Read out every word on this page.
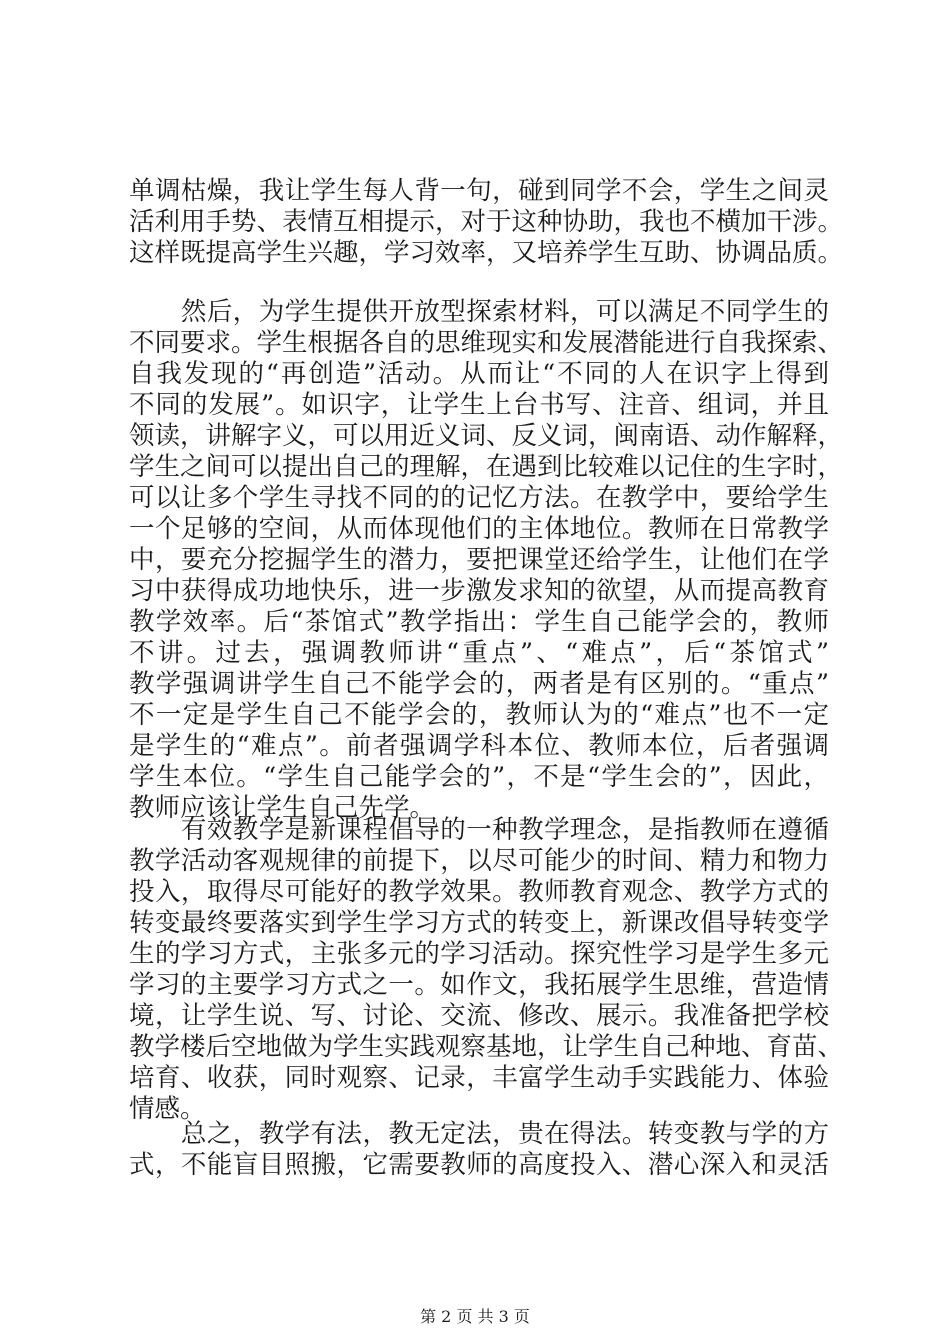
单调枯燥，我让学生每人背一句，碰到同学不会，学生之间灵
活利用手势、表情互相提示，对于这种协助，我也不横加干涉。
这样既提高学生兴趣，学习效率，又培养学生互助、协调品质。
　　然后，为学生提供开放型探索材料，可以满足不同学生的
不同要求。学生根据各自的思维现实和发展潜能进行自我探索、
自我发现的“再创造”活动。从而让“不同的人在识字上得到
不同的发展”。如识字，让学生上台书写、注音、组词，并且
领读，讲解字义，可以用近义词、反义词，闽南语、动作解释，
学生之间可以提出自己的理解，在遇到比较难以记住的生字时，
可以让多个学生寻找不同的的记忆方法。在教学中，要给学生
一个足够的空间，从而体现他们的主体地位。教师在日常教学
中，要充分挖掘学生的潜力，要把课堂还给学生，让他们在学
习中获得成功地快乐，进一步激发求知的欲望，从而提高教育
教学效率。后“茶馆式”教学指出：学生自己能学会的，教师
不讲。过去，强调教师讲“重点”、“难点”，后“茶馆式”
教学强调讲学生自己不能学会的，两者是有区别的。“重点”
不一定是学生自己不能学会的，教师认为的“难点”也不一定
是学生的“难点”。前者强调学科本位、教师本位，后者强调
学生本位。“学生自己能学会的”，不是“学生会的”，因此，
教师应该让学生自己先学。
　　有效教学是新课程倡导的一种教学理念，是指教师在遵循
教学活动客观规律的前提下，以尽可能少的时间、精力和物力
投入，取得尽可能好的教学效果。教师教育观念、教学方式的
转变最终要落实到学生学习方式的转变上，新课改倡导转变学
生的学习方式，主张多元的学习活动。探究性学习是学生多元
学习的主要学习方式之一。如作文，我拓展学生思维，营造情
境，让学生说、写、讨论、交流、修改、展示。我准备把学校
教学楼后空地做为学生实践观察基地，让学生自己种地、育苗、
培育、收获，同时观察、记录，丰富学生动手实践能力、体验
情感。
　　总之，教学有法，教无定法，贵在得法。转变教与学的方
式，不能盲目照搬，它需要教师的高度投入、潜心深入和灵活
第 2 页 共 3 页
